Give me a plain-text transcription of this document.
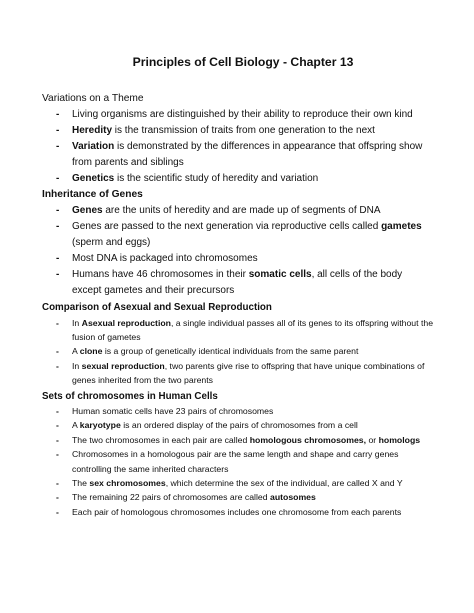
Principles of Cell Biology - Chapter 13
Variations on a Theme
- Living organisms are distinguished by their ability to reproduce their own kind
- Heredity is the transmission of traits from one generation to the next
- Variation is demonstrated by the differences in appearance that offspring show from parents and siblings
- Genetics is the scientific study of heredity and variation
Inheritance of Genes
- Genes are the units of heredity and are made up of segments of DNA
- Genes are passed to the next generation via reproductive cells called gametes (sperm and eggs)
- Most DNA is packaged into chromosomes
- Humans have 46 chromosomes in their somatic cells, all cells of the body except gametes and their precursors
Comparison of Asexual and Sexual Reproduction
- In Asexual reproduction, a single individual passes all of its genes to its offspring without the fusion of gametes
- A clone is a group of genetically identical individuals from the same parent
- In sexual reproduction, two parents give rise to offspring that have unique combinations of genes inherited from the two parents
Sets of chromosomes in Human Cells
- Human somatic cells have 23 pairs of chromosomes
- A karyotype is an ordered display of the pairs of chromosomes from a cell
- The two chromosomes in each pair are called homologous chromosomes, or homologs
- Chromosomes in a homologous pair are the same length and shape and carry genes controlling the same inherited characters
- The sex chromosomes, which determine the sex of the individual, are called X and Y
- The remaining 22 pairs of chromosomes are called autosomes
- Each pair of homologous chromosomes includes one chromosome from each parents
